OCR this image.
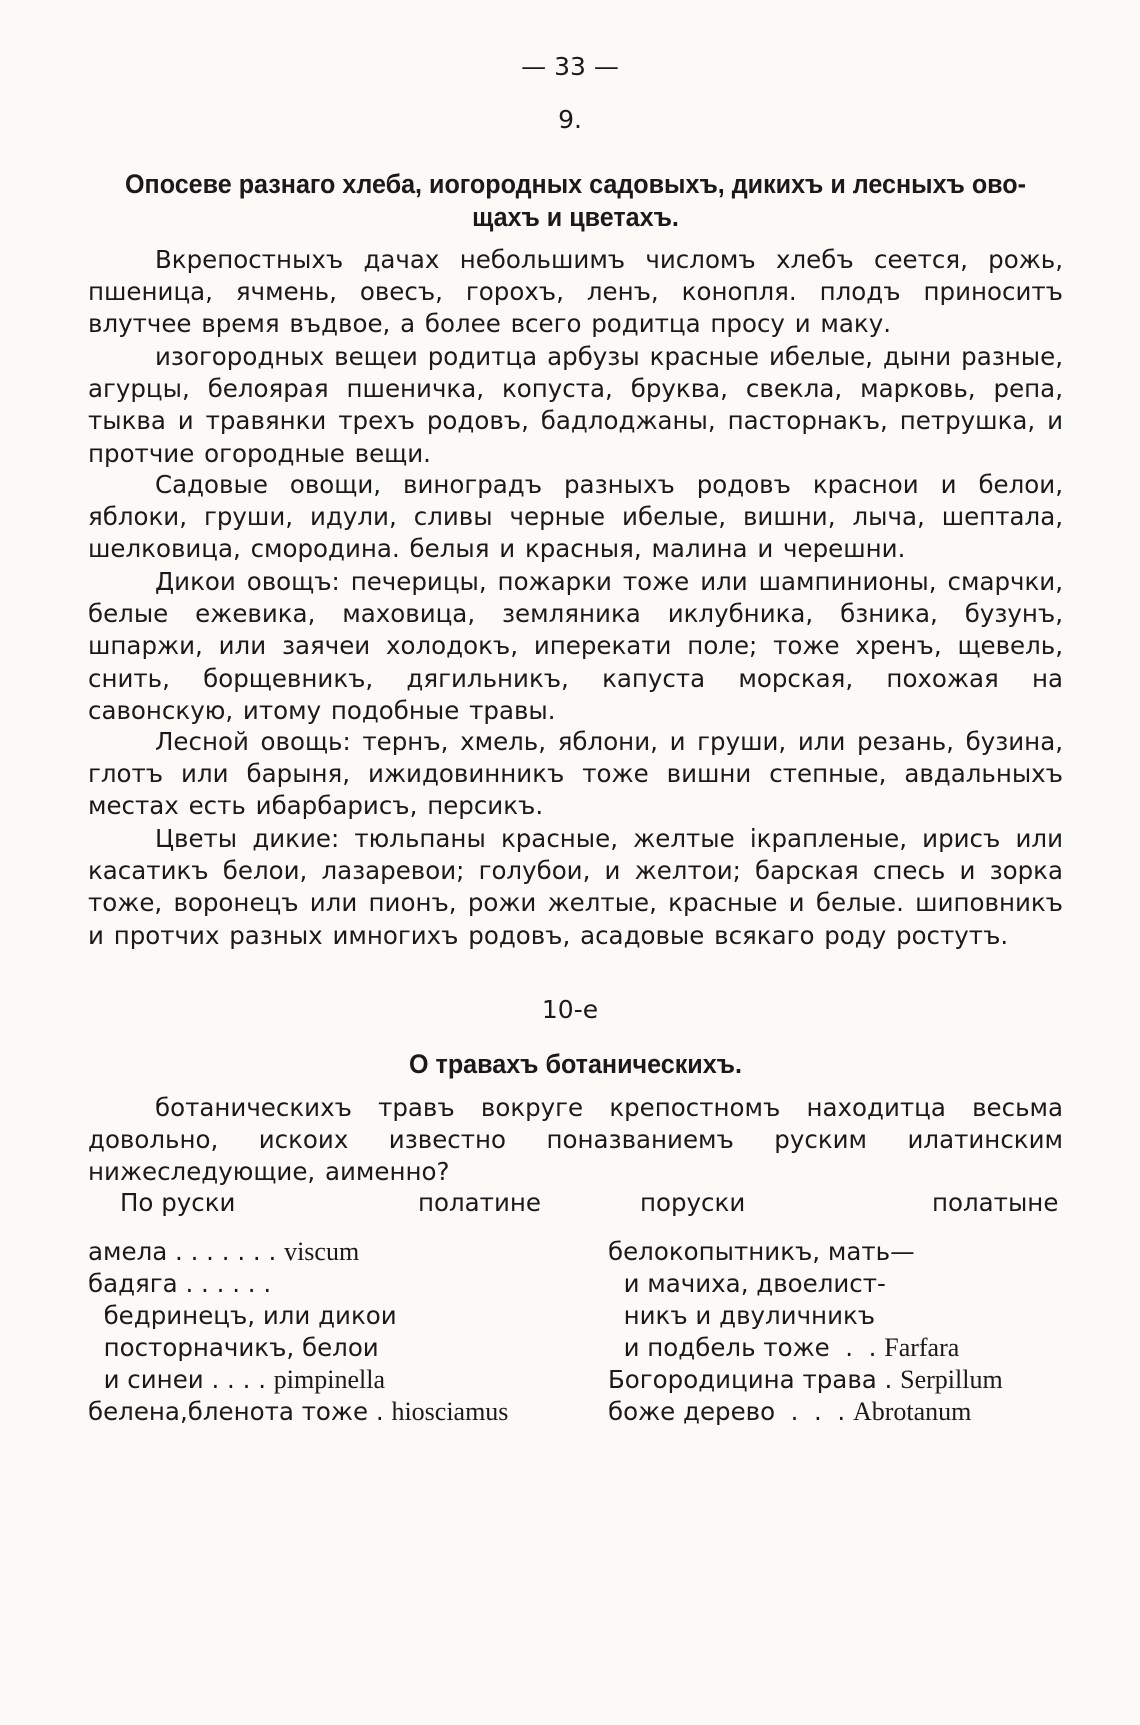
— 33 —
9.
Опосеве разнаго хлеба, иогородных садовыхъ, дикихъ и лесныхъ ово-
щахъ и цветахъ.
Вкрепостныхъ дачах небольшимъ числомъ хлебъ сеется, рожь, пшеница, ячмень, овесъ, горохъ, ленъ, конопля. плодъ приноситъ влутчее время въдвое, а более всего родитца просу и маку.
изогородных вещеи родитца арбузы красные ибелые, дыни разные, агурцы, белоярая пшеничка, копуста, бруква, свекла, марковь, репа, тыква и травянки трехъ родовъ, бадлоджаны, пасторнакъ, петрушка, и протчие огородные вещи.
Садовые овощи, виноградъ разныхъ родовъ краснои и белои, яблоки, груши, идули, сливы черные ибелые, вишни, лыча, шептала, шелковица, смородина. белыя и красныя, малина и черешни.
Дикои овощъ: печерицы, пожарки тоже или шампинионы, смарчки, белые ежевика, маховица, земляника иклубника, бзника, бузунъ, шпаржи, или заячеи холодокъ, иперекати поле; тоже хренъ, щевель, снить, борщевникъ, дягильникъ, капуста морская, похожая на савонскую, итому подобные травы.
Лесной овощь: тернъ, хмель, яблони, и груши, или резань, бузина, глотъ или барыня, ижидовинникъ тоже вишни степные, авдальныхъ местах есть ибарбарисъ, персикъ.
Цветы дикие: тюльпаны красные, желтые iкрапленые, ирисъ или касатикъ белои, лазаревои; голубои, и желтои; барская спесь и зорка тоже, воронецъ или пионъ, рожи желтые, красные и белые. шиповникъ и протчих разных имногихъ родовъ, асадовые всякаго роду ростутъ.
10-е
О травахъ ботаническихъ.
ботаническихъ травъ вокруге крепостномъ находитца весьма довольно, искоих известно поназваниемъ руским илатинским нижеследующие, аименно?
По руски	полатине	поруски	полатыне
амела . . . . . . . viscum
бадяга . . . . . .
бедринецъ, или дикои
посторначикъ, белои
и синеи . . . . pimpinella
белена,бленота тоже . hiosciamus
белокопытникъ, мать—
и мачиха, двоелист-
никъ и двуличникъ
и подбель тоже  .  . Farfara
Богородицина трава . Serpillum
боже дерево  .  .  . Abrotanum
